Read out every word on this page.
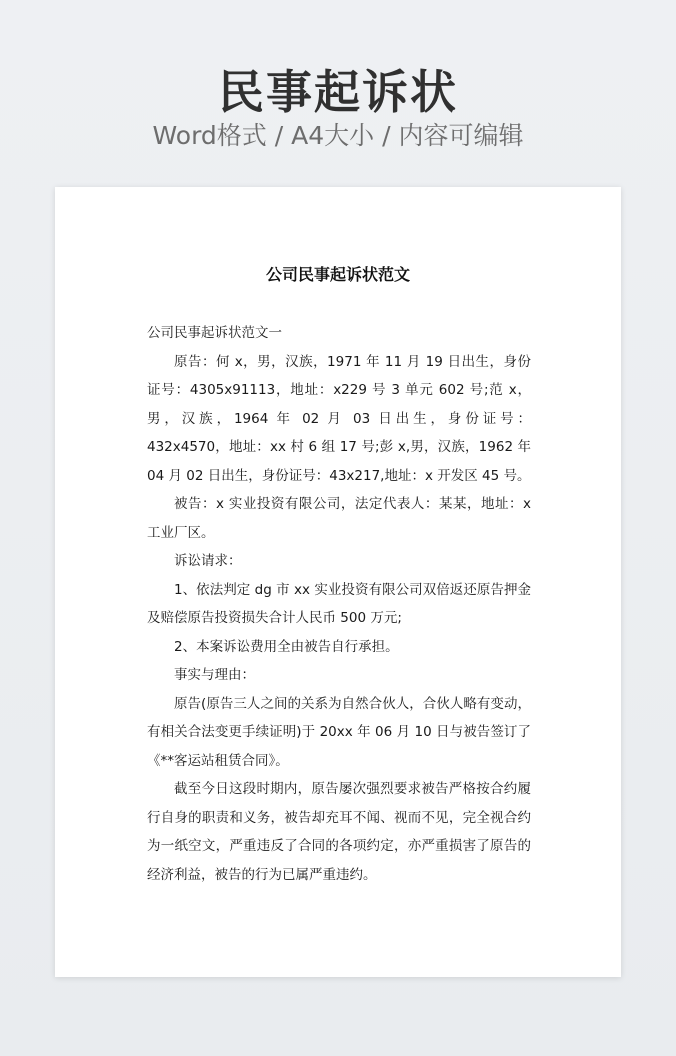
民事起诉状
Word格式 / A4大小 / 内容可编辑
公司民事起诉状范文

公司民事起诉状范文一

原告：何 x，男，汉族，1971 年 11 月 19 日出生，身份证号：4305x91113，地址：x229 号 3 单元 602 号;范 x，男，汉族，1964 年 02 月 03 日出生，身份证号：432x4570，地址：xx 村 6 组 17 号;彭 x,男，汉族，1962 年 04 月 02 日出生，身份证号：43x217,地址：x 开发区 45 号。

被告：x 实业投资有限公司，法定代表人：某某，地址：x 工业厂区。

诉讼请求：

1、依法判定 dg 市 xx 实业投资有限公司双倍返还原告押金及赔偿原告投资损失合计人民币 500 万元;

2、本案诉讼费用全由被告自行承担。

事实与理由：

原告(原告三人之间的关系为自然合伙人，合伙人略有变动，有相关合法变更手续证明)于 20xx 年 06 月 10 日与被告签订了《**客运站租赁合同》。

截至今日这段时期内，原告屡次强烈要求被告严格按合约履行自身的职责和义务，被告却充耳不闻、视而不见，完全视合约为一纸空文，严重违反了合同的各项约定，亦严重损害了原告的经济利益，被告的行为已属严重违约。
